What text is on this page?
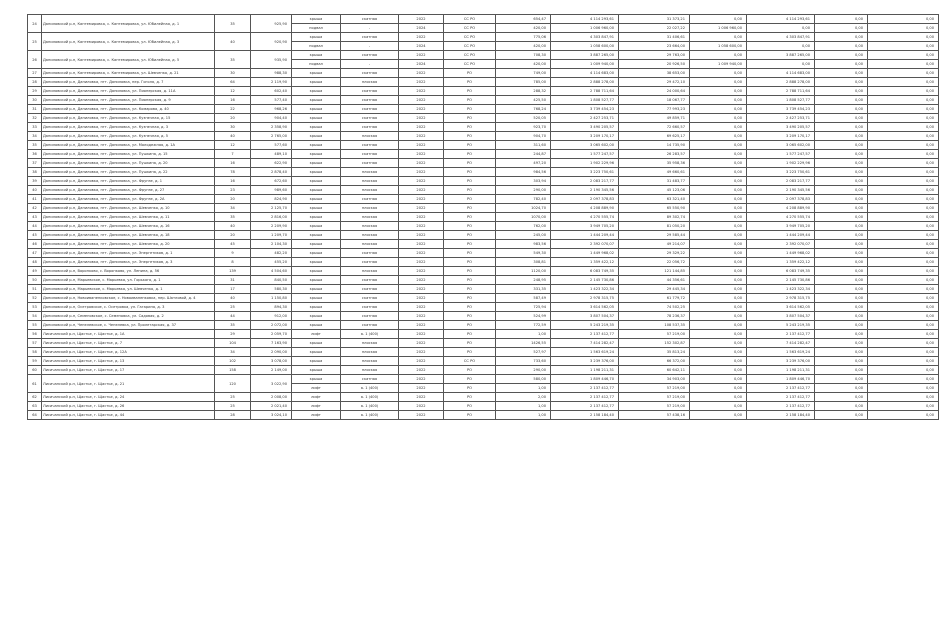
24	Даниловский р-н, Кантемировка, с. Кантемировка, ул. Юбилейная, д. 1	35	925,90	крыша	скатная	2022	СС РО	654,47	4 114 293,61	31 373,21	0,00	4 114 293,61	0,00	0,00
				подвал	-	2024	СС РО	420,00	1 006 960,00	22 027,22	1 006 960,00	0,00	0,00	0,00
25	Даниловский р-н, Кантемировка, с. Кантемировка, ул. Юбилейная, д. 3	40	920,90	крыша	скатная	2022	СС РО	775,06	4 303 847,91	31 406,61	0,00	4 303 847,91	0,00	0,00
				подвал	-	2024	СС РО	420,00	1 058 600,00	23 664,00	1 058 600,00	0,00	0,00	0,00
26	Даниловский р-н, Кантемировка, с. Кантемировка, ул. Юбилейная, д. 5	35	935,90	крыша	скатная	2022	СС РО	708,30	3 887 265,00	29 763,00	0,00	3 887 265,00	0,00	0,00
				подвал	-	2024	СС РО	420,00	1 009 940,00	20 926,50	1 009 940,00	0,00	0,00	0,00
27	Даниловский р-н, Кантемировка, с. Кантемировка, ул. Шевченко, д. 21	30	988,30	крыша	скатная	2022	РО	749,00	4 114 683,00	38 653,00	0,00	4 114 683,00	0,00	0,00
28	Даниловский р-н, Даниловка, пгт. Даниловка, пер. Гоголя, д. 7	64	2 119,90	крыша	плоская	2022	РО	785,00	2 888 278,00	29 472,10	0,00	2 888 278,00	0,00	0,00
29	Даниловский р-н, Даниловка, пгт. Даниловка, ул. Пионерская, д. 11А	12	602,40	крыша	скатная	2022	РО	288,32	2 788 711,64	24 000,64	0,00	2 788 711,64	0,00	0,00
30	Даниловский р-н, Даниловка, пгт. Даниловка, ул. Пионерская, д. 9	16	577,40	крыша	скатная	2022	РО	425,50	1 808 527,77	18 067,77	0,00	1 808 527,77	0,00	0,00
31	Даниловский р-н, Даниловка, пгт. Даниловка, ул. Комарова, д. 40	22	968,26	крыша	скатная	2022	РО	768,24	3 739 454,23	77 993,23	0,00	3 739 454,23	0,00	0,00
32	Даниловский р-н, Даниловка, пгт. Даниловка, ул. Кузнечная, д. 15	20	904,40	крыша	скатная	2022	РО	520,05	2 427 253,71	49 859,71	0,00	2 427 253,71	0,00	0,00
33	Даниловский р-н, Даниловка, пгт. Даниловка, ул. Кузнечная, д. 3	30	2 358,90	крыша	скатная	2022	РО	923,70	3 490 205,57	72 660,57	0,00	3 490 205,57	0,00	0,00
34	Даниловский р-н, Даниловка, пгт. Даниловка, ул. Кузнечная, д. 5	40	2 765,00	крыша	плоская	2022	РО	904,70	3 209 170,17	69 625,17	0,00	3 209 170,17	0,00	0,00
35	Даниловский р-н, Даниловка, пгт. Даниловка, ул. Молодежная, д. 1А	12	577,60	крыша	скатная	2022	РО	311,60	3 065 602,00	14 735,90	0,00	3 065 602,00	0,00	0,00
36	Даниловский р-н, Даниловка, пгт. Даниловка, ул. Пушкина, д. 15	7	489,10	крыша	скатная	2022	РО	244,87	1 577 247,57	26 283,57	0,00	1 577 247,57	0,00	0,00
37	Даниловский р-н, Даниловка, пгт. Даниловка, ул. Пушкина, д. 20	16	622,90	крыша	скатная	2022	РО	497,20	1 902 229,96	35 958,36	0,00	1 902 229,96	0,00	0,00
38	Даниловский р-н, Даниловка, пгт. Даниловка, ул. Пушкина, д. 22	78	2 878,40	крыша	плоская	2022	РО	984,56	3 223 750,61	49 660,61	0,00	3 223 750,61	0,00	0,00
39	Даниловский р-н, Даниловка, пгт. Даниловка, ул. Фрунзе, д. 1	16	672,60	крыша	плоская	2022	РО	303,94	2 083 217,77	31 483,77	0,00	2 083 217,77	0,00	0,00
40	Даниловский р-н, Даниловка, пгт. Даниловка, ул. Фрунзе, д. 27	23	989,60	крыша	плоская	2022	РО	290,00	2 190 345,56	45 123,06	0,00	2 190 345,56	0,00	0,00
41	Даниловский р-н, Даниловка, пгт. Даниловка, ул. Фрунзе, д. 2А	20	824,90	крыша	скатная	2022	РО	782,40	2 097 378,83	63 321,40	0,00	2 097 378,83	0,00	0,00
42	Даниловский р-н, Даниловка, пгт. Даниловка, ул. Шевченко, д. 10	34	2 125,70	крыша	плоская	2022	РО	1024,70	4 208 889,90	65 550,90	0,00	4 208 889,90	0,00	0,00
43	Даниловский р-н, Даниловка, пгт. Даниловка, ул. Шевченко, д. 11	35	2 816,00	крыша	плоская	2022	РО	1070,00	4 270 555,74	89 302,74	0,00	4 270 555,74	0,00	0,00
44	Даниловский р-н, Даниловка, пгт. Даниловка, ул. Шевченко, д. 16	40	2 209,90	крыша	плоская	2022	РО	762,00	3 949 705,20	81 050,20	0,00	3 949 705,20	0,00	0,00
45	Даниловский р-н, Даниловка, пгт. Даниловка, ул. Шевченко, д. 18	20	1 209,70	крыша	плоская	2022	РО	245,00	1 444 209,44	29 585,44	0,00	1 444 209,44	0,00	0,00
46	Даниловский р-н, Даниловка, пгт. Даниловка, ул. Шевченко, д. 20	45	2 104,30	крыша	плоская	2022	РО	983,56	2 392 070,07	49 214,07	0,00	2 392 070,07	0,00	0,00
47	Даниловский р-н, Даниловка, пгт. Даниловка, ул. Энергетиков, д. 1	9	482,20	крыша	скатная	2022	РО	549,30	1 449 968,02	29 329,22	0,00	1 449 968,02	0,00	0,00
48	Даниловский р-н, Даниловка, пгт. Даниловка, ул. Энергетиков, д. 3	8	455,20	крыша	скатная	2022	РО	308,81	1 359 422,12	22 056,72	0,00	1 359 422,12	0,00	0,00
49	Даниловский р-н, Воронково, с. Воронково, ул. Ленина, д. 56	139	4 504,60	крыша	плоская	2022	РО	1120,00	6 083 749,35	121 144,85	0,00	6 083 749,35	0,00	0,00
50	Даниловский р-н, Марьевское, с. Марьевка, ул. Горького, д. 1	31	840,50	крыша	скатная	2022	РО	248,95	2 145 730,86	44 356,61	0,00	2 145 730,86	0,00	0,00
51	Даниловский р-н, Марьевское, с. Марьевка, ул. Шевченко, д. 1	17	580,30	крыша	скатная	2022	РО	331,35	1 423 322,34	29 445,34	0,00	1 423 322,34	0,00	0,00
52	Даниловский р-н, Новоиваненковское, с. Новоиваненковка, пер. Шатловой, д. 4	40	1 150,80	крыша	скатная	2022	РО	587,49	2 978 315,75	61 779,72	0,00	2 978 315,75	0,00	0,00
53	Даниловский р-н, Осетровское, с. Осетровка, ул. Гагарина, д. 3	25	894,30	крыша	скатная	2022	РО	725,94	3 614 562,05	74 502,25	0,00	3 614 562,05	0,00	0,00
54	Даниловский р-н, Семеновское, с. Семеновка, ул. Садовая, д. 2	44	912,00	крыша	скатная	2022	РО	524,99	3 807 504,37	78 236,37	0,00	3 807 504,37	0,00	0,00
55	Даниловский р-н, Чепелевское, с. Чепелевка, ул. Пролетарская, д. 37	35	2 072,00	крыша	скатная	2022	РО	772,59	5 243 219,35	108 537,35	0,00	5 243 219,35	0,00	0,00
56	Лисичанский р-н, Щастье, г. Щастье, д. 1А	29	2 059,70	лифт	а. 1 (400)	2022	РО	1,00	2 137 412,77	57 219,00	0,00	2 137 412,77	0,00	0,00
57	Лисичанский р-н, Щастье, г. Щастье, д. 7	104	7 163,90	крыша	плоская	2022	РО	1426,55	7 414 282,47	152 302,87	0,00	7 414 282,47	0,00	0,00
58	Лисичанский р-н, Щастье, г. Щастье, д. 12А	34	2 090,00	крыша	плоская	2022	РО	527,97	1 563 619,24	35 813,24	0,00	1 563 619,24	0,00	0,00
59	Лисичанский р-н, Щастье, г. Щастье, д. 13	102	3 078,00	крыша	плоская	2022	СС РО	733,60	3 239 376,00	66 372,00	0,00	3 239 376,00	0,00	0,00
60	Лисичанский р-н, Щастье, г. Щастье, д. 17	158	2 149,00	крыша	плоская	2022	РО	290,00	1 198 211,31	60 642,11	0,00	1 198 211,31	0,00	0,00
61	Лисичанский р-н, Щастье, г. Щастье, д. 21	120	3 022,90	крыша	скатная	2022	РО	580,00	1 809 446,70	34 903,00	0,00	1 809 446,70	0,00	0,00
				лифт	а. 1 (400)	2022	РО	1,00	2 137 412,77	57 219,00	0,00	2 137 412,77	0,00	0,00
62	Лисичанский р-н, Щастье, г. Щастье, д. 24	25	2 008,00	лифт	а. 1 (400)	2022	РО	2,00	2 137 412,77	57 219,00	0,00	2 137 412,77	0,00	0,00
63	Лисичанский р-н, Щастье, г. Щастье, д. 26	25	2 021,40	лифт	а. 1 (400)	2022	РО	1,00	2 137 412,77	57 219,00	0,00	2 137 412,77	0,00	0,00
64	Лисичанский р-н, Щастье, г. Щастье, д. 44	28	3 024,10	лифт	а. 1 (400)	2022	РО	1,00	2 158 184,40	57 438,16	0,00	2 158 184,40	0,00	0,00
